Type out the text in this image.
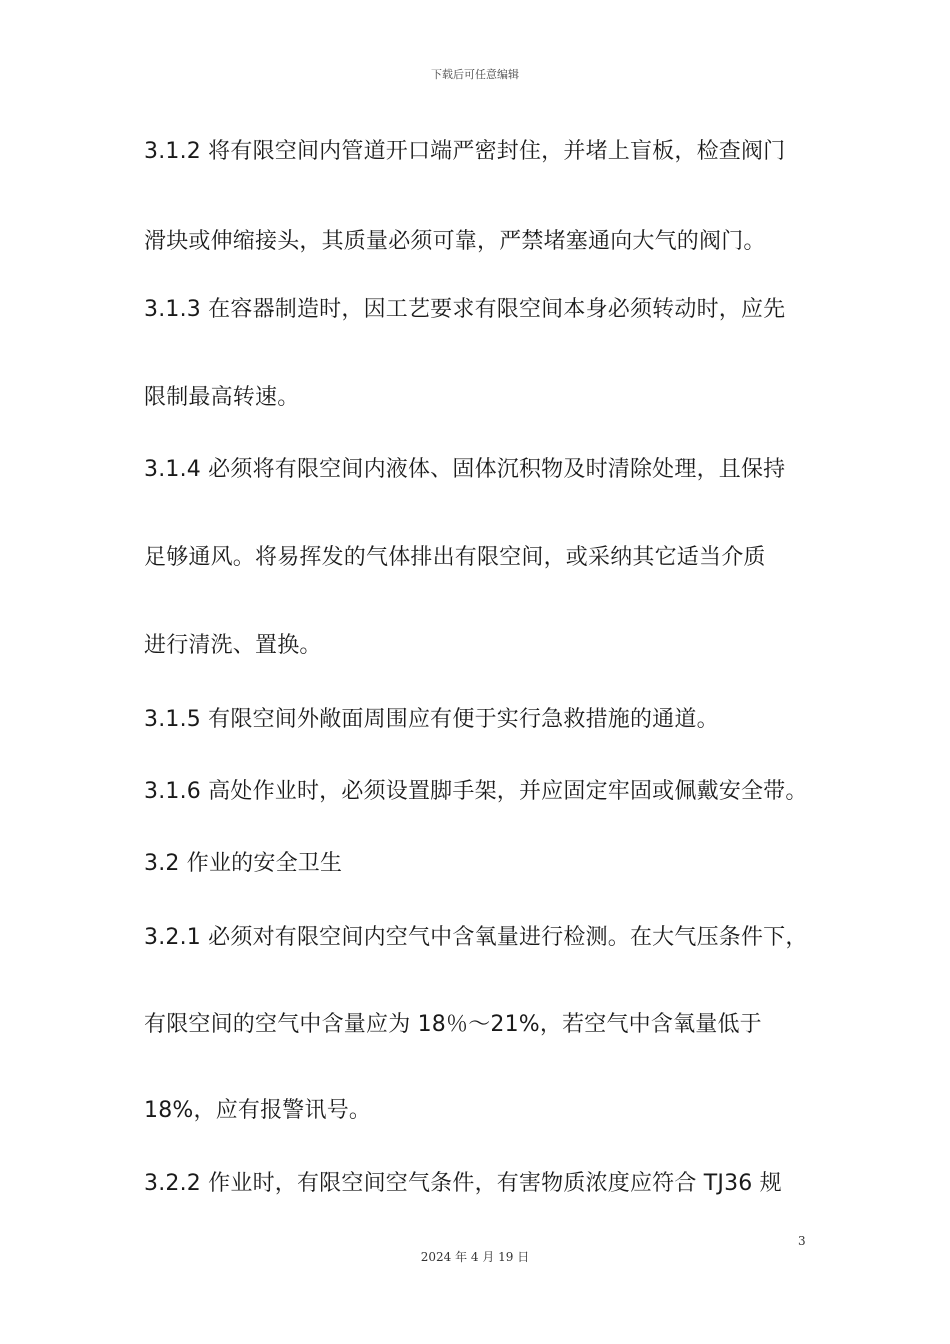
下载后可任意编辑
3.1.2 将有限空间内管道开口端严密封住，并堵上盲板，检查阀门
滑块或伸缩接头，其质量必须可靠，严禁堵塞通向大气的阀门。
3.1.3 在容器制造时，因工艺要求有限空间本身必须转动时，应先
限制最高转速。
3.1.4 必须将有限空间内液体、固体沉积物及时清除处理，且保持
足够通风。将易挥发的气体排出有限空间，或采纳其它适当介质
进行清洗、置换。
3.1.5 有限空间外敞面周围应有便于实行急救措施的通道。
3.1.6 高处作业时，必须设置脚手架，并应固定牢固或佩戴安全带。
3.2 作业的安全卫生
3.2.1 必须对有限空间内空气中含氧量进行检测。在大气压条件下，
有限空间的空气中含量应为 18％～21%，若空气中含氧量低于
18%，应有报警讯号。
3.2.2 作业时，有限空间空气条件，有害物质浓度应符合 TJ36 规
3
2024 年 4 月 19 日
